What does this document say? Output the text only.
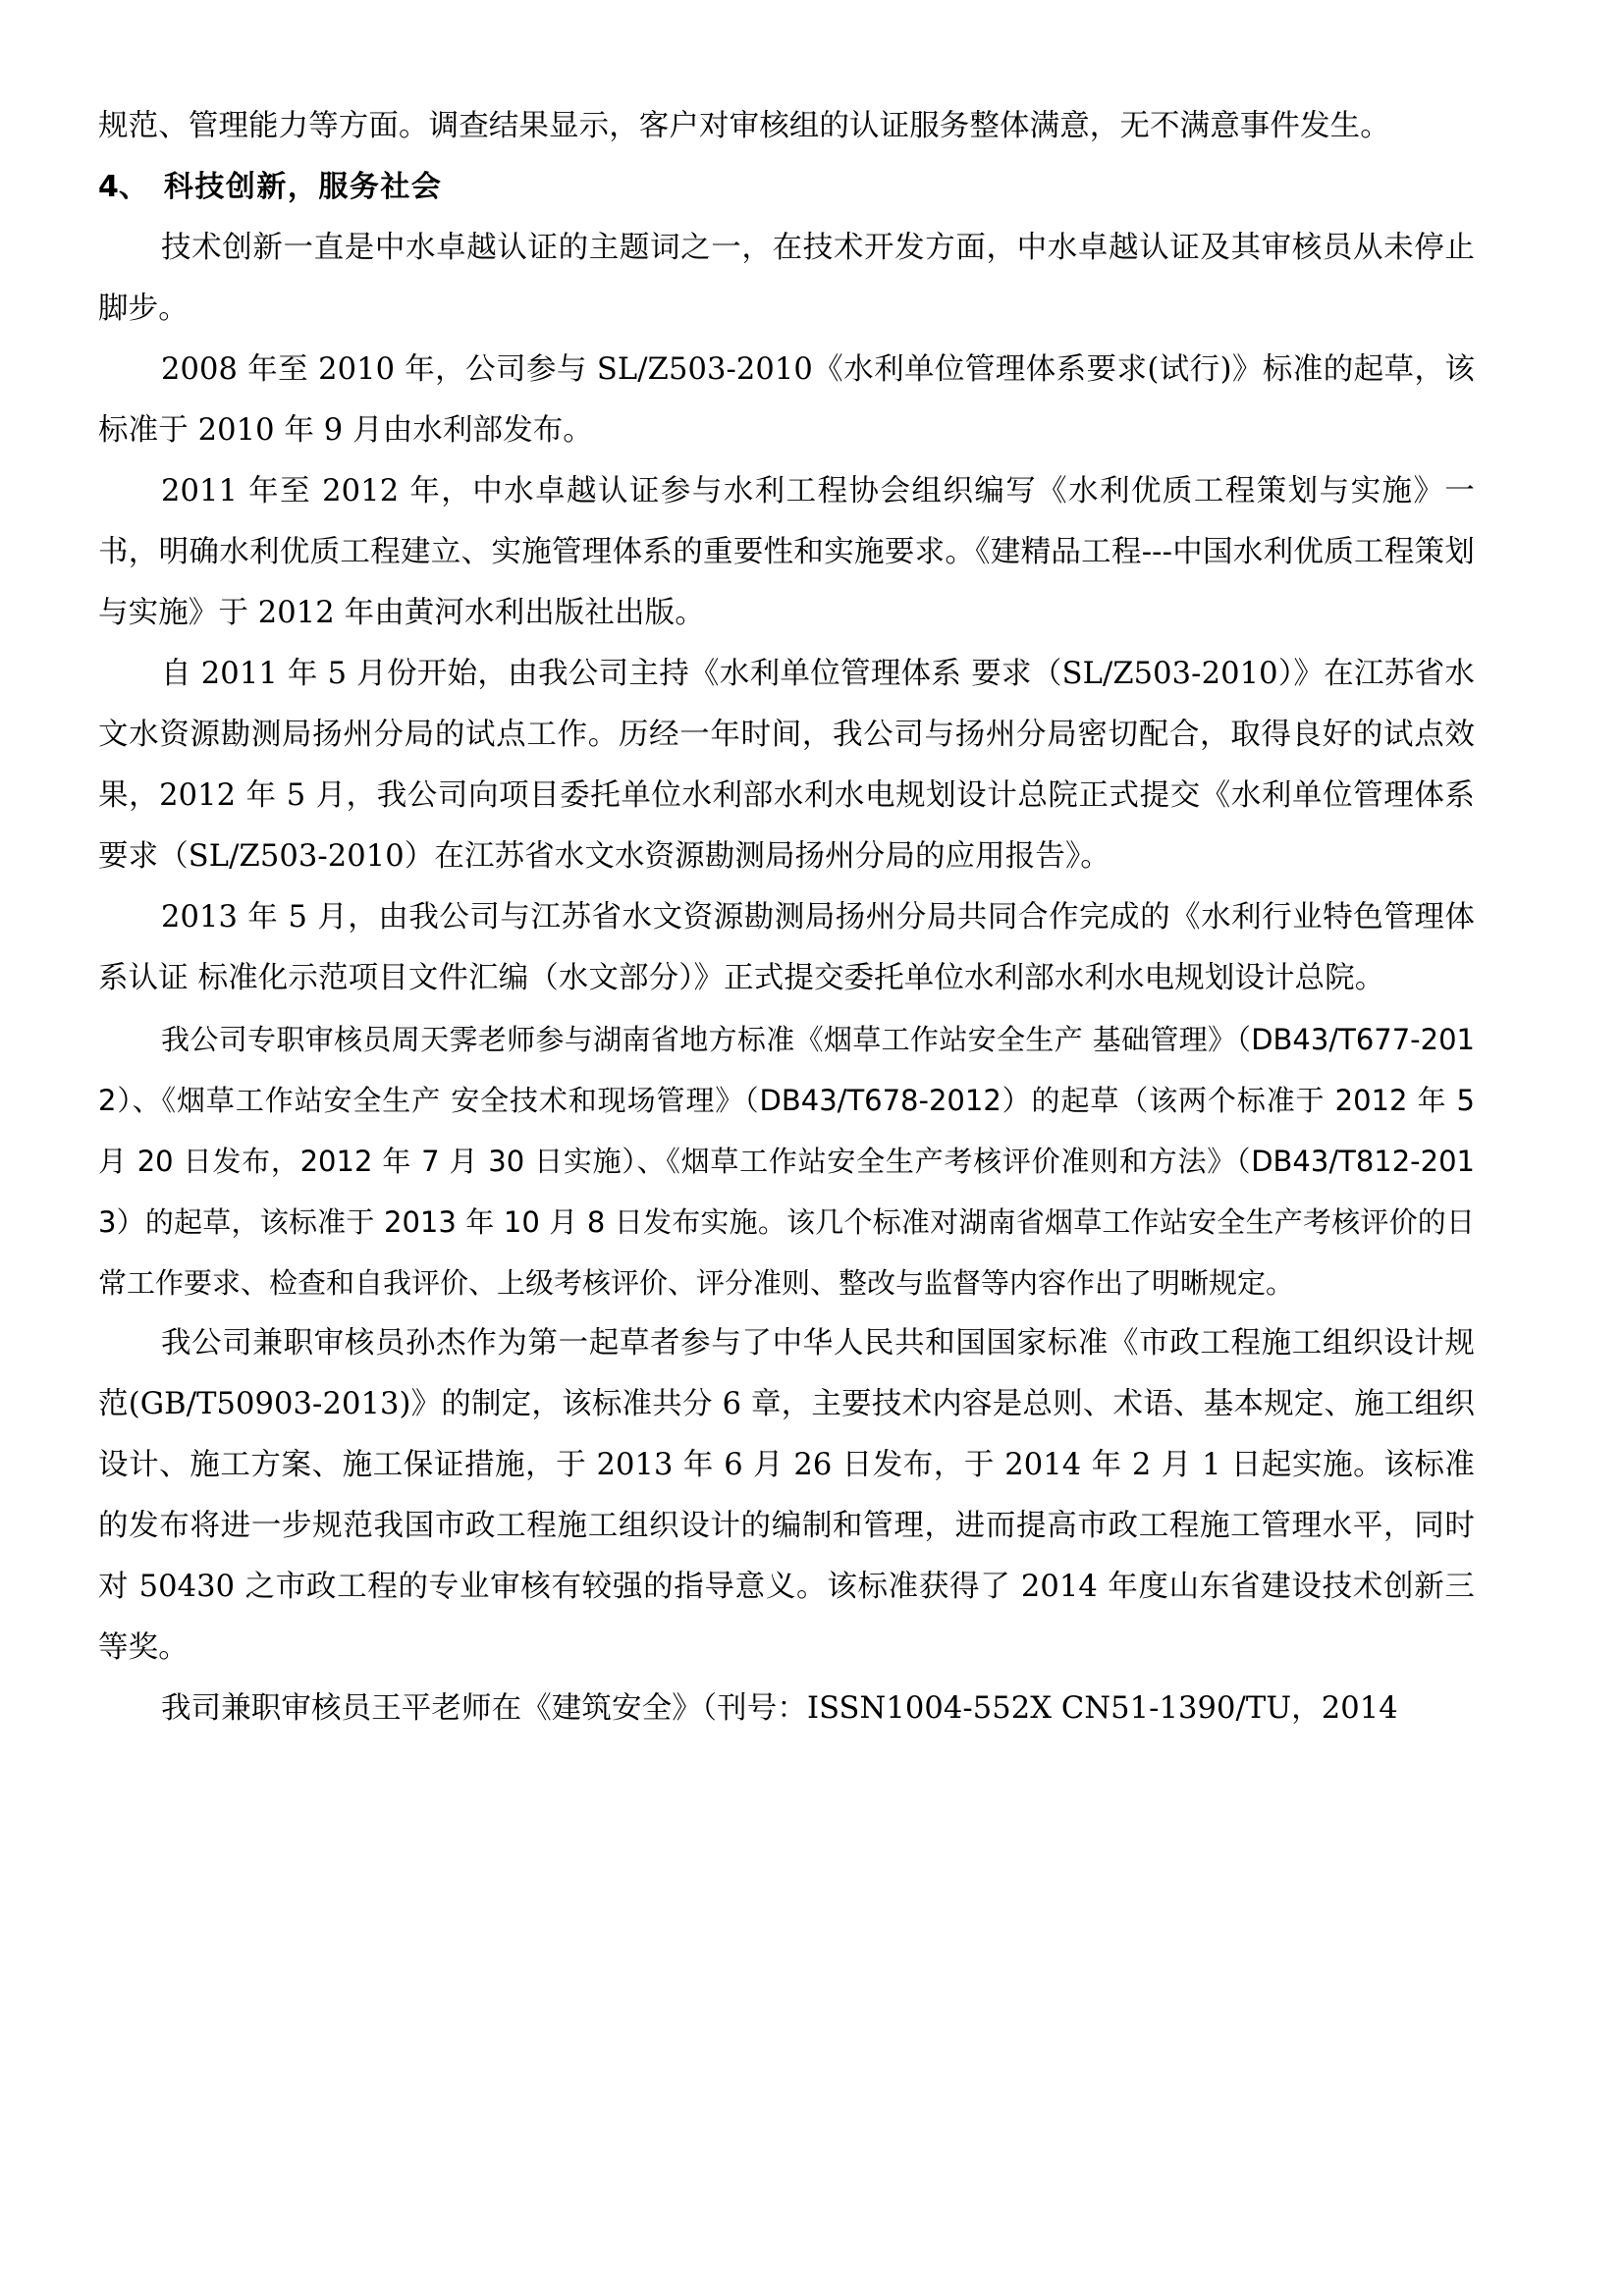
规范、管理能力等方面。调查结果显示，客户对审核组的认证服务整体满意，无不满意事件发生。

4、 科技创新，服务社会

技术创新一直是中水卓越认证的主题词之一，在技术开发方面，中水卓越认证及其审核员从未停止脚步。

2008 年至 2010 年，公司参与 SL/Z503-2010《水利单位管理体系要求(试行)》标准的起草，该标准于 2010 年 9 月由水利部发布。

2011 年至 2012 年，中水卓越认证参与水利工程协会组织编写《水利优质工程策划与实施》一书，明确水利优质工程建立、实施管理体系的重要性和实施要求。《建精品工程---中国水利优质工程策划与实施》于 2012 年由黄河水利出版社出版。

自 2011 年 5 月份开始，由我公司主持《水利单位管理体系 要求（SL/Z503-2010）》在江苏省水文水资源勘测局扬州分局的试点工作。历经一年时间，我公司与扬州分局密切配合，取得良好的试点效果，2012 年 5 月，我公司向项目委托单位水利部水利水电规划设计总院正式提交《水利单位管理体系 要求（SL/Z503-2010）在江苏省水文水资源勘测局扬州分局的应用报告》。

2013 年 5 月，由我公司与江苏省水文资源勘测局扬州分局共同合作完成的《水利行业特色管理体系认证 标准化示范项目文件汇编（水文部分）》正式提交委托单位水利部水利水电规划设计总院。

我公司专职审核员周天霁老师参与湖南省地方标准《烟草工作站安全生产 基础管理》（DB43/T677-2012）、《烟草工作站安全生产 安全技术和现场管理》（DB43/T678-2012）的起草（该两个标准于 2012 年 5 月 20 日发布，2012 年 7 月 30 日实施）、《烟草工作站安全生产考核评价准则和方法》（DB43/T812-2013）的起草，该标准于 2013 年 10 月 8 日发布实施。该几个标准对湖南省烟草工作站安全生产考核评价的日常工作要求、检查和自我评价、上级考核评价、评分准则、整改与监督等内容作出了明晰规定。

我公司兼职审核员孙杰作为第一起草者参与了中华人民共和国国家标准《市政工程施工组织设计规范(GB/T50903-2013)》的制定，该标准共分 6 章，主要技术内容是总则、术语、基本规定、施工组织设计、施工方案、施工保证措施，于 2013 年 6 月 26 日发布，于 2014 年 2 月 1 日起实施。该标准的发布将进一步规范我国市政工程施工组织设计的编制和管理，进而提高市政工程施工管理水平，同时对 50430 之市政工程的专业审核有较强的指导意义。该标准获得了 2014 年度山东省建设技术创新三等奖。

我司兼职审核员王平老师在《建筑安全》（刊号：ISSN1004-552X CN51-1390/TU，2014
